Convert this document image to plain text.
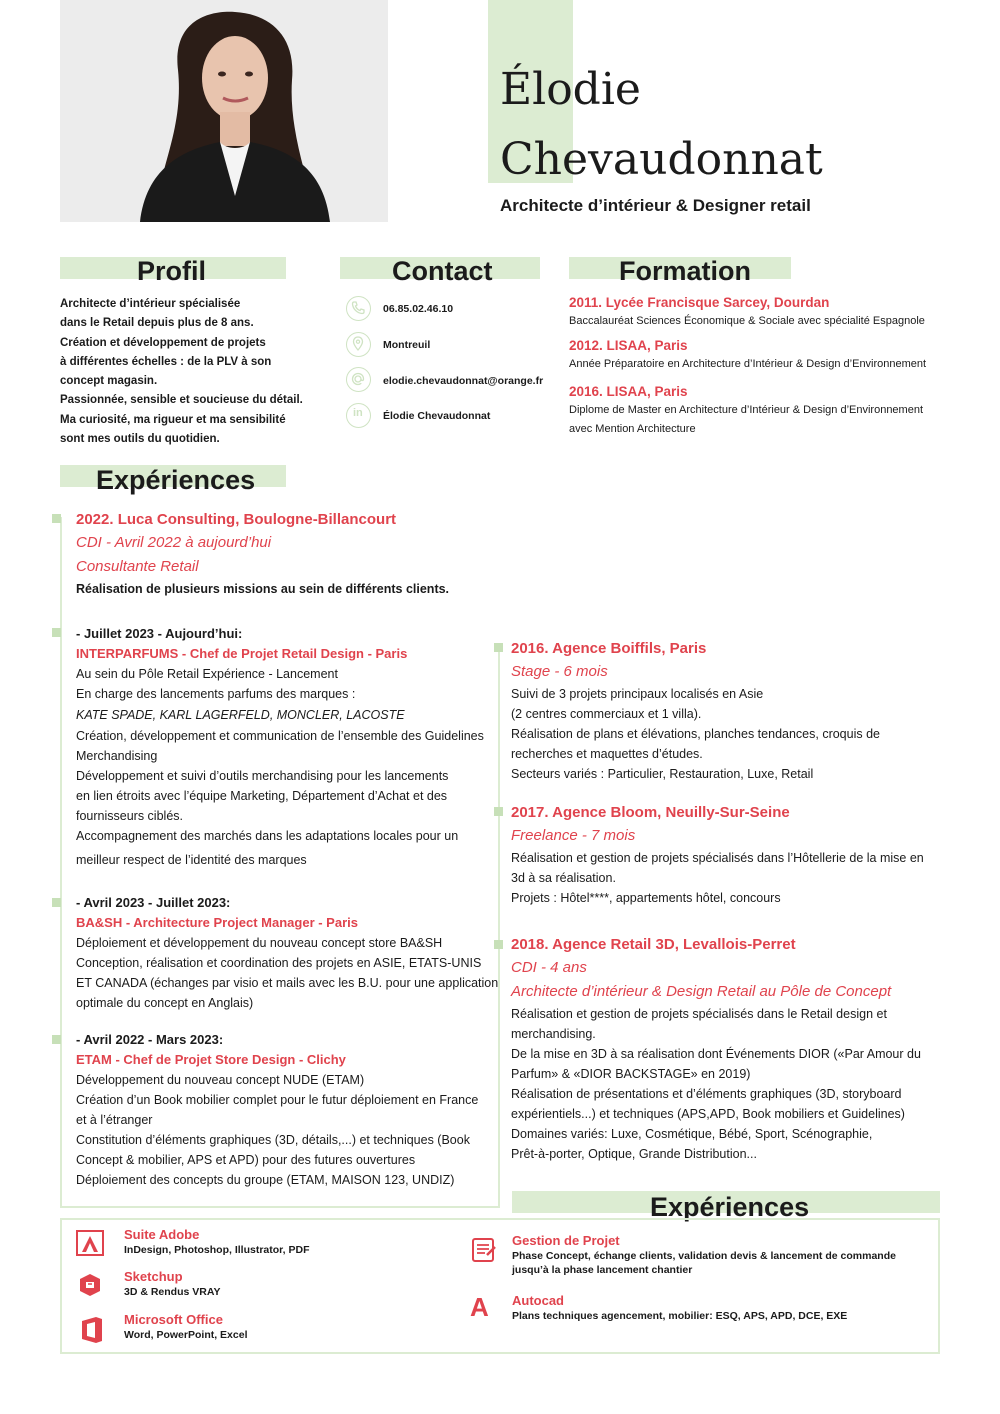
Élodie
Chevaudonnat
Architecte d’intérieur & Designer retail
Profil
Architecte d’intérieur spécialisée
dans le Retail depuis plus de 8 ans.
Création et développement de projets
à différentes échelles : de la PLV à son
concept magasin.
Passionnée, sensible et soucieuse du détail.
Ma curiosité, ma rigueur et ma sensibilité
sont mes outils du quotidien.
Contact
06.85.02.46.10
Montreuil
elodie.chevaudonnat@orange.fr
in Élodie Chevaudonnat
Formation
2011. Lycée Francisque Sarcey, Dourdan
Baccalauréat Sciences Économique & Sociale avec spécialité Espagnole
2012. LISAA, Paris
Année Préparatoire en Architecture d’Intérieur & Design d’Environnement
2016. LISAA, Paris
Diplome de Master en Architecture d’Intérieur & Design d’Environnement
avec Mention Architecture
Expériences
2022. Luca Consulting, Boulogne-Billancourt
CDI - Avril 2022 à aujourd’hui
Consultante Retail
Réalisation de plusieurs missions au sein de différents clients.
- Juillet 2023 - Aujourd’hui:
INTERPARFUMS - Chef de Projet Retail Design - Paris
Au sein du Pôle Retail Expérience - Lancement
En charge des lancements parfums des marques :
KATE SPADE, KARL LAGERFELD, MONCLER, LACOSTE
Création, développement et communication de l’ensemble des Guidelines
Merchandising
Développement et suivi d’outils merchandising pour les lancements
en lien étroits avec l’équipe Marketing, Département d’Achat et des
fournisseurs ciblés.
Accompagnement des marchés dans les adaptations locales pour un
meilleur respect de l’identité des marques
- Avril 2023 - Juillet 2023:
BA&SH - Architecture Project Manager - Paris
Déploiement et développement du nouveau concept store BA&SH
Conception, réalisation et coordination des projets en ASIE, ETATS-UNIS
ET CANADA (échanges par visio et mails avec les B.U. pour une application
optimale du concept en Anglais)
- Avril 2022 - Mars 2023:
ETAM - Chef de Projet Store Design - Clichy
Développement du nouveau concept NUDE (ETAM)
Création d’un Book mobilier complet pour le futur déploiement en France
et à l’étranger
Constitution d’éléments graphiques (3D, détails,...) et techniques (Book
Concept & mobilier, APS et APD) pour des futures ouvertures
Déploiement des concepts du groupe (ETAM, MAISON 123, UNDIZ)
2016. Agence Boiffils, Paris
Stage - 6 mois
Suivi de 3 projets principaux localisés en Asie
(2 centres commerciaux et 1 villa).
Réalisation de plans et élévations, planches tendances, croquis de
recherches et maquettes d’études.
Secteurs variés : Particulier, Restauration, Luxe, Retail
2017. Agence Bloom, Neuilly-Sur-Seine
Freelance - 7 mois
Réalisation et gestion de projets spécialisés dans l’Hôtellerie de la mise en
3d à sa réalisation.
Projets : Hôtel****, appartements hôtel, concours
2018. Agence Retail 3D, Levallois-Perret
CDI - 4 ans
Architecte d’intérieur & Design Retail au Pôle de Concept
Réalisation et gestion de projets spécialisés dans le Retail design et
merchandising.
De la mise en 3D à sa réalisation dont Événements DIOR («Par Amour du
Parfum» & «DIOR BACKSTAGE» en 2019)
Réalisation de présentations et d’éléments graphiques (3D, storyboard
expérientiels...) et techniques (APS,APD, Book mobiliers et Guidelines)
Domaines variés: Luxe, Cosmétique, Bébé, Sport, Scénographie,
Prêt-à-porter, Optique, Grande Distribution...
Expériences
Suite Adobe
InDesign, Photoshop, Illustrator, PDF
Sketchup
3D & Rendus VRAY
Microsoft Office
Word, PowerPoint, Excel
Gestion de Projet
Phase Concept, échange clients, validation devis & lancement de commande
jusqu’à la phase lancement chantier
A Autocad
Plans techniques agencement, mobilier: ESQ, APS, APD, DCE, EXE
